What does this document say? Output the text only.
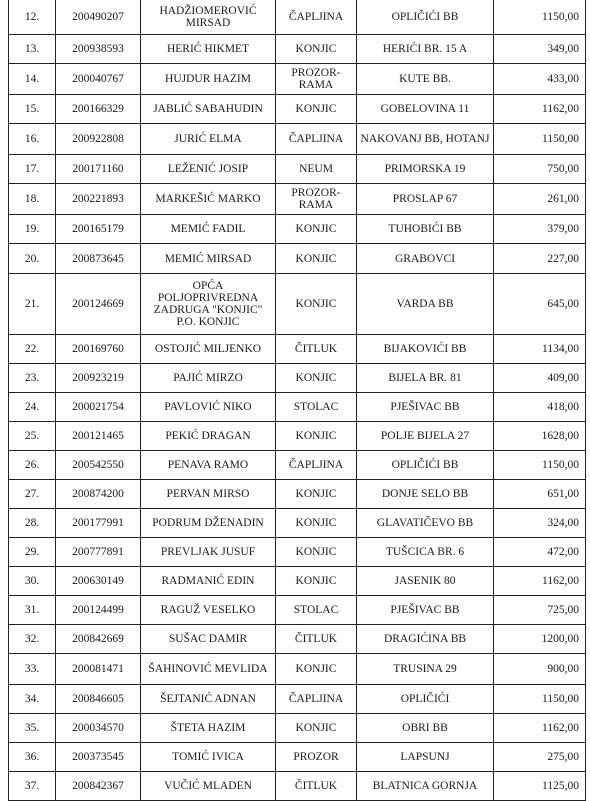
12.	200490207	HADŽIOMEROVIĆ MIRSAD	ČAPLJINA	OPLIČIĆI BB	1150,00
13.	200938593	HERIĆ HIKMET	KONJIC	HERIĆI BR. 15 A	349,00
14.	200040767	HUJDUR HAZIM	PROZOR-RAMA	KUTE BB.	433,00
15.	200166329	JABLIĆ SABAHUDIN	KONJIC	GOBELOVINA 11	1162,00
16.	200922808	JURIĆ ELMA	ČAPLJINA	NAKOVANJ BB, HOTANJ	1150,00
17.	200171160	LEŽENIĆ JOSIP	NEUM	PRIMORSKA 19	750,00
18.	200221893	MARKEŠIĆ MARKO	PROZOR-RAMA	PROSLAP 67	261,00
19.	200165179	MEMIĆ FADIL	KONJIC	TUHOBIĆI BB	379,00
20.	200873645	MEMIĆ MIRSAD	KONJIC	GRABOVCI	227,00
21.	200124669	OPĆA POLJOPRIVREDNA ZADRUGA "KONJIC" P.O. KONJIC	KONJIC	VARDA BB	645,00
22.	200169760	OSTOJIĆ MILJENKO	ČITLUK	BIJAKOVIĆI BB	1134,00
23.	200923219	PAJIĆ MIRZO	KONJIC	BIJELA BR. 81	409,00
24.	200021754	PAVLOVIĆ NIKO	STOLAC	PJEŠIVAC BB	418,00
25.	200121465	PEKIĆ DRAGAN	KONJIC	POLJE BIJELA 27	1628,00
26.	200542550	PENAVA RAMO	ČAPLJINA	OPLIČIĆI BB	1150,00
27.	200874200	PERVAN MIRSO	KONJIC	DONJE SELO BB	651,00
28.	200177991	PODRUM DŽENADIN	KONJIC	GLAVATIČEVO BB	324,00
29.	200777891	PREVLJAK JUSUF	KONJIC	TUŠCICA BR. 6	472,00
30.	200630149	RADMANIĆ EDIN	KONJIC	JASENIK 80	1162,00
31.	200124499	RAGUŽ VESELKO	STOLAC	PJEŠIVAC BB	725,00
32.	200842669	SUŠAC DAMIR	ČITLUK	DRAGIĆINA BB	1200,00
33.	200081471	ŠAHINOVIĆ MEVLIDA	KONJIC	TRUSINA 29	900,00
34.	200846605	ŠEJTANIĆ ADNAN	ČAPLJINA	OPLIČIĆI	1150,00
35.	200034570	ŠTETA HAZIM	KONJIC	OBRI BB	1162,00
36.	200373545	TOMIĆ IVICA	PROZOR	LAPSUNJ	275,00
37.	200842367	VUČIĆ MLADEN	ČITLUK	BLATNICA GORNJA	1125,00
